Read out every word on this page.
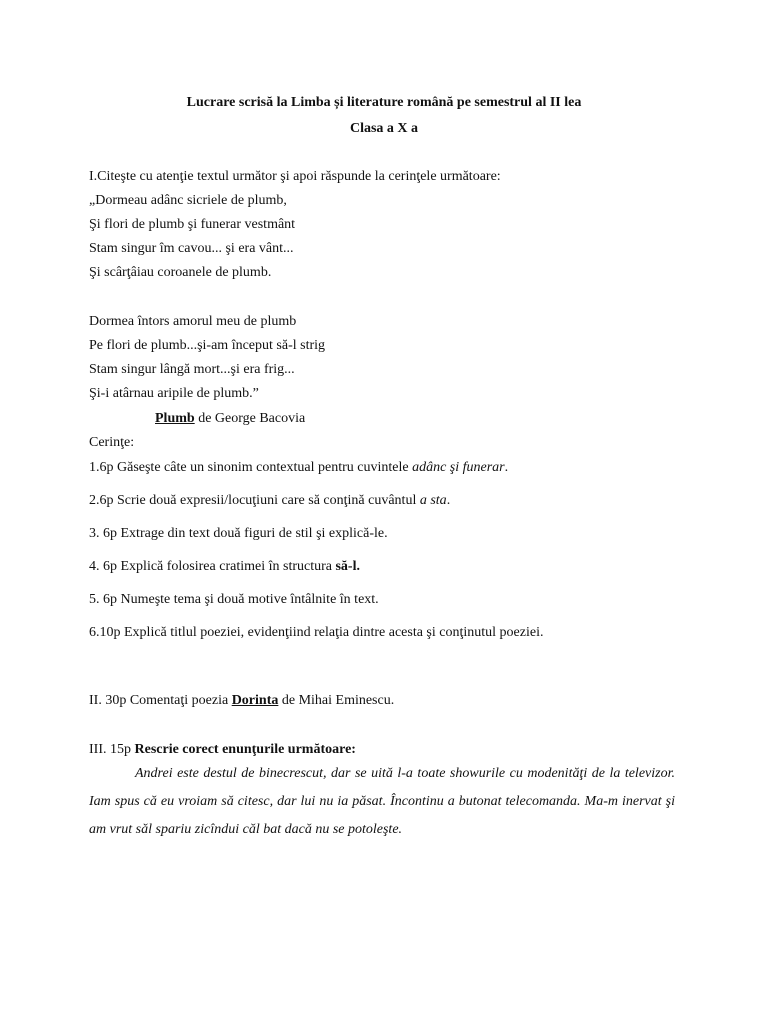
Lucrare scrisă la Limba și literature română pe semestrul al II lea
Clasa a X a
I.Citeşte cu atenţie textul următor şi apoi răspunde la cerinţele următoare:
„Dormeau adânc sicriele de plumb,
Şi flori de plumb şi funerar vestmânt
Stam singur îm cavou... şi era vânt...
Şi scârţâiau coroanele de plumb.
Dormea întors amorul meu de plumb
Pe flori de plumb...şi-am început să-l strig
Stam singur lângă mort...şi era frig...
Şi-i atârnau aripile de plumb.”
Plumb de George Bacovia
Cerinţe:
1.6p Găseşte câte un sinonim contextual pentru cuvintele adânc şi funerar.
2.6p Scrie două expresii/locuţiuni care să conţină cuvântul a sta.
3. 6p Extrage din text două figuri de stil şi explică-le.
4. 6p Explică folosirea cratimei în structura să-l.
5. 6p Numeşte tema şi două motive întâlnite în text.
6.10p Explică titlul poeziei, evidenţiind relaţia dintre acesta şi conţinutul poeziei.
II. 30p Comentaţi poezia Dorinta de Mihai Eminescu.
III. 15p Rescrie corect enunţurile următoare:
Andrei este destul de binecrescut, dar se uită l-a toate showurile cu modenităţi de la televizor. Iam spus că eu vroiam să citesc, dar lui nu ia păsat. Încontinu a butonat telecomanda. Ma-m inervat şi am vrut săl spariu zicîndui căl bat dacă nu se potoleşte.
